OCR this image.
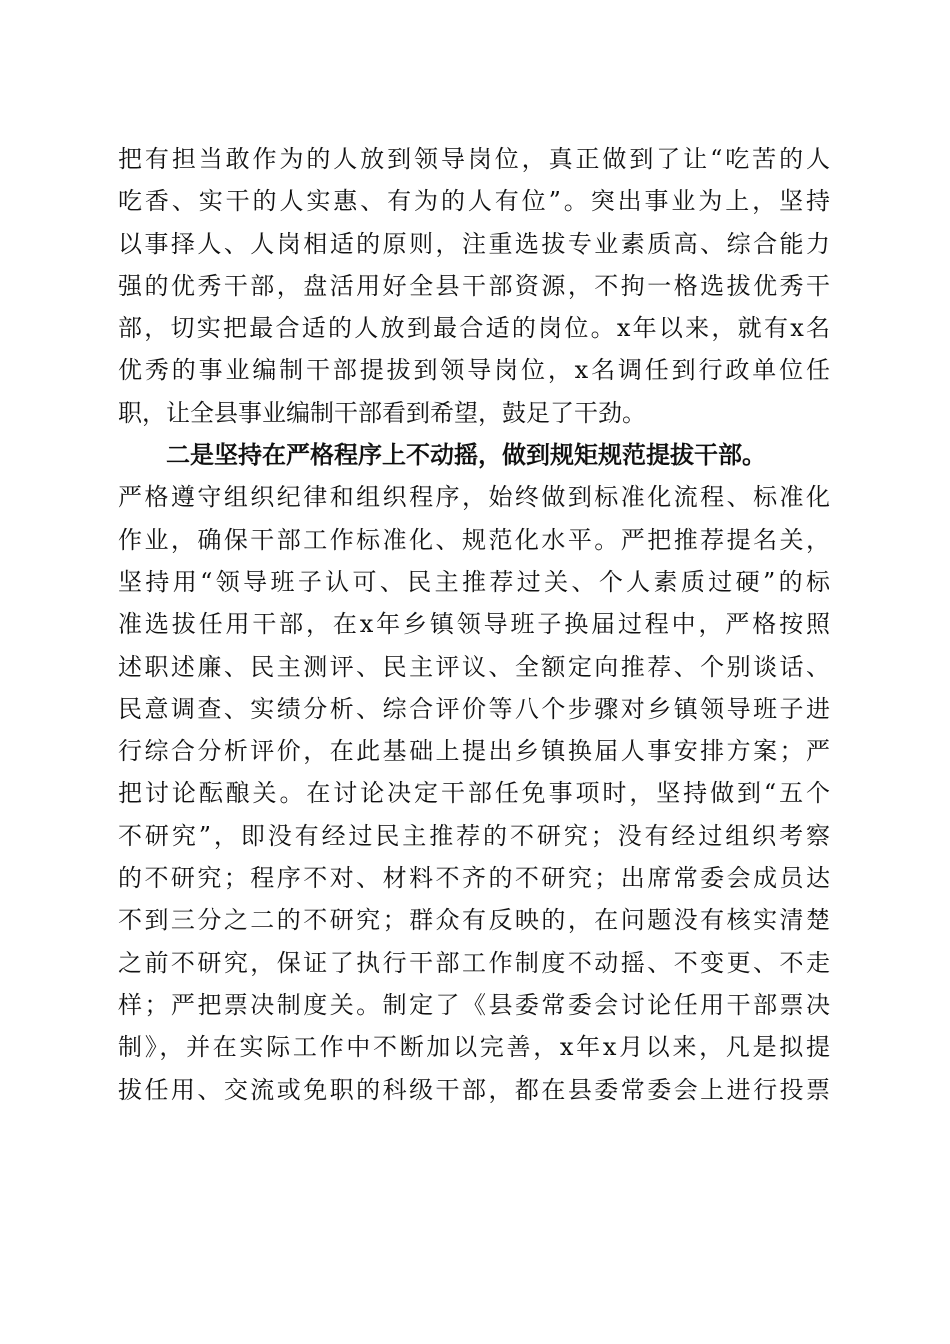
把有担当敢作为的人放到领导岗位，真正做到了让“吃苦的人
吃香、实干的人实惠、有为的人有位”。突出事业为上，坚持
以事择人、人岗相适的原则，注重选拔专业素质高、综合能力
强的优秀干部，盘活用好全县干部资源，不拘一格选拔优秀干
部，切实把最合适的人放到最合适的岗位。x年以来，就有x名
优秀的事业编制干部提拔到领导岗位，x名调任到行政单位任
职，让全县事业编制干部看到希望，鼓足了干劲。
二是坚持在严格程序上不动摇，做到规矩规范提拔干部。
严格遵守组织纪律和组织程序，始终做到标准化流程、标准化
作业，确保干部工作标准化、规范化水平。严把推荐提名关，
坚持用“领导班子认可、民主推荐过关、个人素质过硬”的标
准选拔任用干部，在x年乡镇领导班子换届过程中，严格按照
述职述廉、民主测评、民主评议、全额定向推荐、个别谈话、
民意调查、实绩分析、综合评价等八个步骤对乡镇领导班子进
行综合分析评价，在此基础上提出乡镇换届人事安排方案；严
把讨论酝酿关。在讨论决定干部任免事项时，坚持做到“五个
不研究”，即没有经过民主推荐的不研究；没有经过组织考察
的不研究；程序不对、材料不齐的不研究；出席常委会成员达
不到三分之二的不研究；群众有反映的，在问题没有核实清楚
之前不研究，保证了执行干部工作制度不动摇、不变更、不走
样；严把票决制度关。制定了《县委常委会讨论任用干部票决
制》，并在实际工作中不断加以完善，x年x月以来，凡是拟提
拔任用、交流或免职的科级干部，都在县委常委会上进行投票
